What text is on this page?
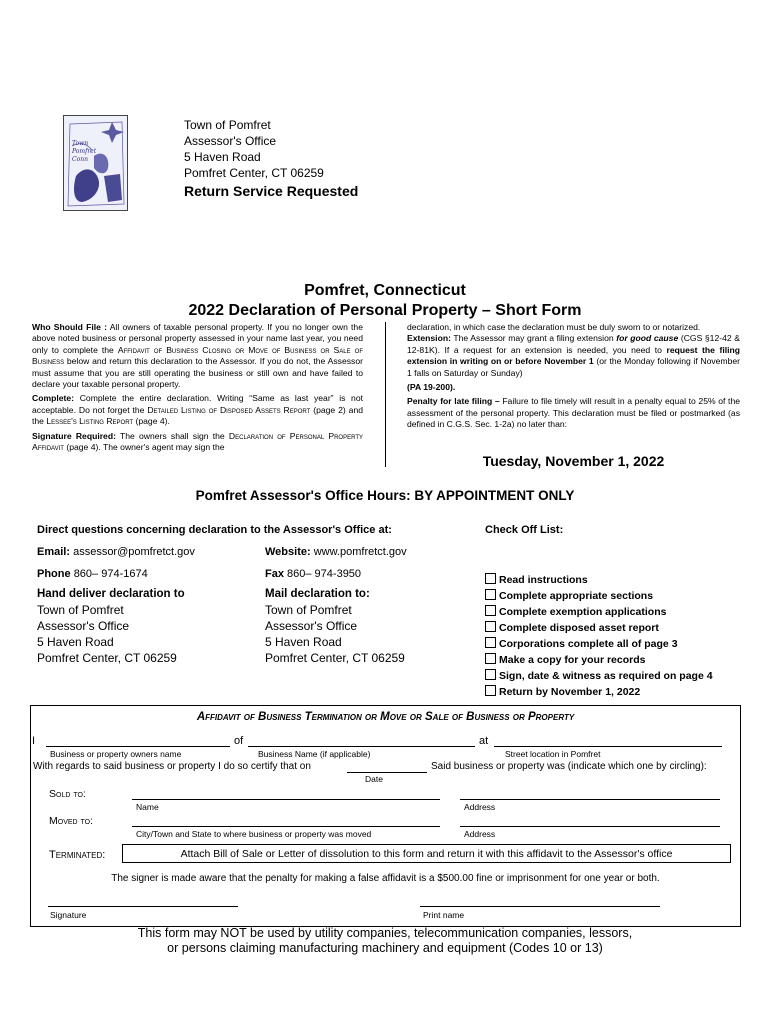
Town
Pomfret
Conn
Town of Pomfret
Assessor's Office
5 Haven Road
Pomfret Center, CT 06259
Return Service Requested
Pomfret, Connecticut
2022 Declaration of Personal Property – Short Form

Who Should File : All owners of taxable personal property. If you no longer own the above noted business or personal property assessed in your name last year, you need only to complete the Affidavit of Business Closing or Move of Business or Sale of Business below and return this declaration to the Assessor. If you do not, the Assessor must assume that you are still operating the business or still own and have failed to declare your taxable personal property.

Complete: Complete the entire declaration. Writing “Same as last year” is not acceptable. Do not forget the Detailed Listing of Disposed Assets Report (page 2) and the Lessee's Listing Report (page 4).

Signature Required: The owners shall sign the Declaration of Personal Property Affidavit (page 4). The owner's agent may sign the

declaration, in which case the declaration must be duly sworn to or notarized.

Extension: The Assessor may grant a filing extension for good cause (CGS §12-42 & 12-81K). If a request for an extension is needed, you need to request the filing extension in writing on or before November 1 (or the Monday following if November 1 falls on Saturday or Sunday)

(PA 19-200).

Penalty for late filing – Failure to file timely will result in a penalty equal to 25% of the assessment of the personal property. This declaration must be filed or postmarked (as defined in C.G.S. Sec. 1-2a) no later than:

Tuesday, November 1, 2022
Pomfret Assessor's Office Hours: BY APPOINTMENT ONLY
Direct questions concerning declaration to the Assessor's Office at:	Check Off List:
Email: assessor@pomfretct.gov	Website: www.pomfretct.gov
Phone 860– 974-1674	Fax 860– 974-3950
Hand deliver declaration to
Town of Pomfret
Assessor's Office
5 Haven Road
Pomfret Center, CT 06259
Mail declaration to:
Town of Pomfret
Assessor's Office
5 Haven Road
Pomfret Center, CT 06259
Read instructions
Complete appropriate sections
Complete exemption applications
Complete disposed asset report
Corporations complete all of page 3
Make a copy for your records
Sign, date & witness as required on page 4
Return by November 1, 2022
Affidavit of Business Termination or Move or Sale of Business or Property
I	of	at
Business or property owners name	Business Name (if applicable)	Street location in Pomfret
With regards to said business or property I do so certify that on	Said business or property was (indicate which one by circling):
Date
Sold to:
Name	Address
Moved to:
City/Town and State to where business or property was moved	Address
Terminated:	Attach Bill of Sale or Letter of dissolution to this form and return it with this affidavit to the Assessor's office
The signer is made aware that the penalty for making a false affidavit is a $500.00 fine or imprisonment for one year or both.
Signature	Print name
This form may NOT be used by utility companies, telecommunication companies, lessors,
or persons claiming manufacturing machinery and equipment (Codes 10 or 13)
